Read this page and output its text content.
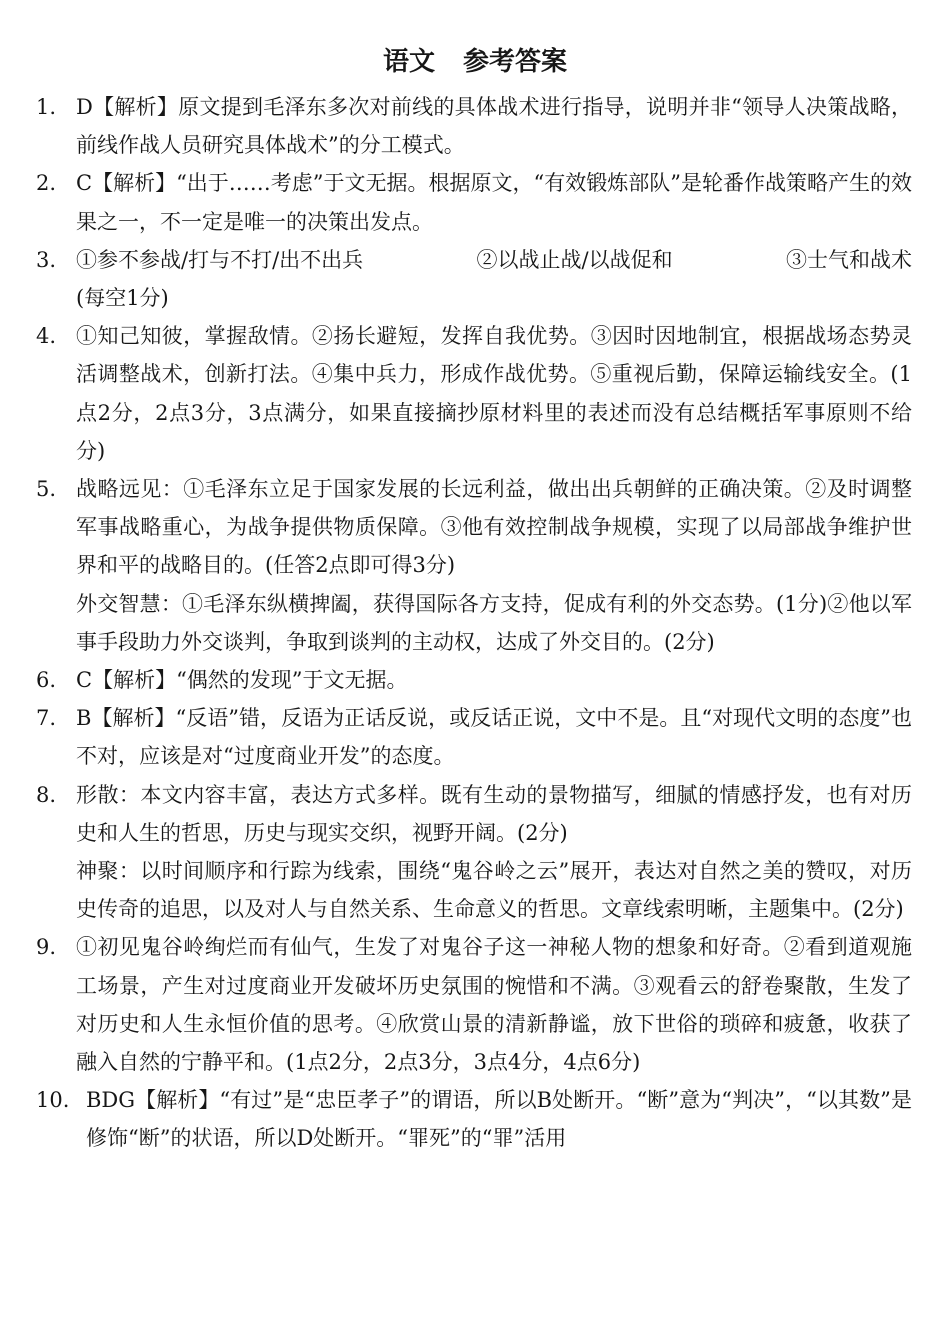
语文 参考答案
1. D【解析】原文提到毛泽东多次对前线的具体战术进行指导，说明并非“领导人决策战略，前线作战人员研究具体战术”的分工模式。

2. C【解析】“出于……考虑”于文无据。根据原文，“有效锻炼部队”是轮番作战策略产生的效果之一，不一定是唯一的决策出发点。

3. ①参不参战/打与不打/出不出兵	②以战止战/以战促和	③士气和战术

(每空1分)

4. ①知己知彼，掌握敌情。②扬长避短，发挥自我优势。③因时因地制宜，根据战场态势灵活调整战术，创新打法。④集中兵力，形成作战优势。⑤重视后勤，保障运输线安全。(1点2分，2点3分，3点满分，如果直接摘抄原材料里的表述而没有总结概括军事原则不给分)

5. 战略远见：①毛泽东立足于国家发展的长远利益，做出出兵朝鲜的正确决策。②及时调整军事战略重心，为战争提供物质保障。③他有效控制战争规模，实现了以局部战争维护世界和平的战略目的。(任答2点即可得3分)

外交智慧：①毛泽东纵横捭阖，获得国际各方支持，促成有利的外交态势。(1分)②他以军事手段助力外交谈判，争取到谈判的主动权，达成了外交目的。(2分)

6. C【解析】“偶然的发现”于文无据。

7. B【解析】“反语”错，反语为正话反说，或反话正说，文中不是。且“对现代文明的态度”也不对，应该是对“过度商业开发”的态度。

8. 形散：本文内容丰富，表达方式多样。既有生动的景物描写，细腻的情感抒发，也有对历史和人生的哲思，历史与现实交织，视野开阔。(2分)

神聚：以时间顺序和行踪为线索，围绕“鬼谷岭之云”展开，表达对自然之美的赞叹，对历史传奇的追思，以及对人与自然关系、生命意义的哲思。文章线索明晰，主题集中。(2分)

9. ①初见鬼谷岭绚烂而有仙气，生发了对鬼谷子这一神秘人物的想象和好奇。②看到道观施工场景，产生对过度商业开发破坏历史氛围的惋惜和不满。③观看云的舒卷聚散，生发了对历史和人生永恒价值的思考。④欣赏山景的清新静谧，放下世俗的琐碎和疲惫，收获了融入自然的宁静平和。(1点2分，2点3分，3点4分，4点6分)

10. BDG【解析】“有过”是“忠臣孝子”的谓语，所以B处断开。“断”意为“判决”，“以其数”是修饰“断”的状语，所以D处断开。“罪死”的“罪”活用
